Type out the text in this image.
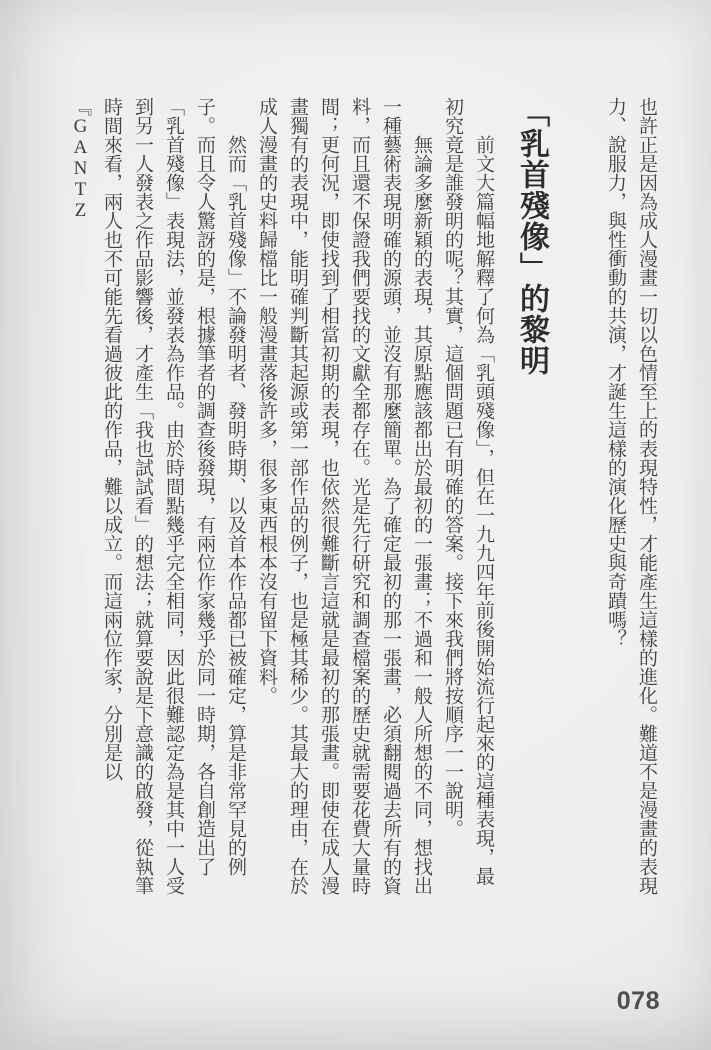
也許正是因為成人漫畫一切以色情至上的表現特性，才能產生這樣的進化。難道不是漫畫的表現力、說服力，與性衝動的共演，才誕生這樣的演化歷史與奇蹟嗎？

「乳首殘像」的黎明

前文大篇幅地解釋了何為「乳頭殘像」，但在一九九四年前後開始流行起來的這種表現，最初究竟是誰發明的呢？其實，這個問題已有明確的答案。接下來我們將按順序一一說明。

無論多麼新穎的表現，其原點應該都出於最初的一張畫；不過和一般人所想的不同，想找出一種藝術表現明確的源頭，並沒有那麼簡單。為了確定最初的那一張畫，必須翻閱過去所有的資料，而且還不保證我們要找的文獻全都存在。光是先行研究和調查檔案的歷史就需要花費大量時間；更何況，即使找到了相當初期的表現，也依然很難斷言這就是最初的那張畫。即使在成人漫畫獨有的表現中，能明確判斷其起源或第一部作品的例子，也是極其稀少。其最大的理由，在於成人漫畫的史料歸檔比一般漫畫落後許多，很多東西根本沒有留下資料。

然而「乳首殘像」不論發明者、發明時期、以及首本作品都已被確定，算是非常罕見的例子。而且令人驚訝的是，根據筆者的調查後發現，有兩位作家幾乎於同一時期，各自創造出了「乳首殘像」表現法，並發表為作品。由於時間點幾乎完全相同，因此很難認定為是其中一人受到另一人發表之作品影響後，才產生「我也試試看」的想法；就算要說是下意識的啟發，從執筆時間來看，兩人也不可能先看過彼此的作品，難以成立。而這兩位作家，分別是以『GANTZ

078
